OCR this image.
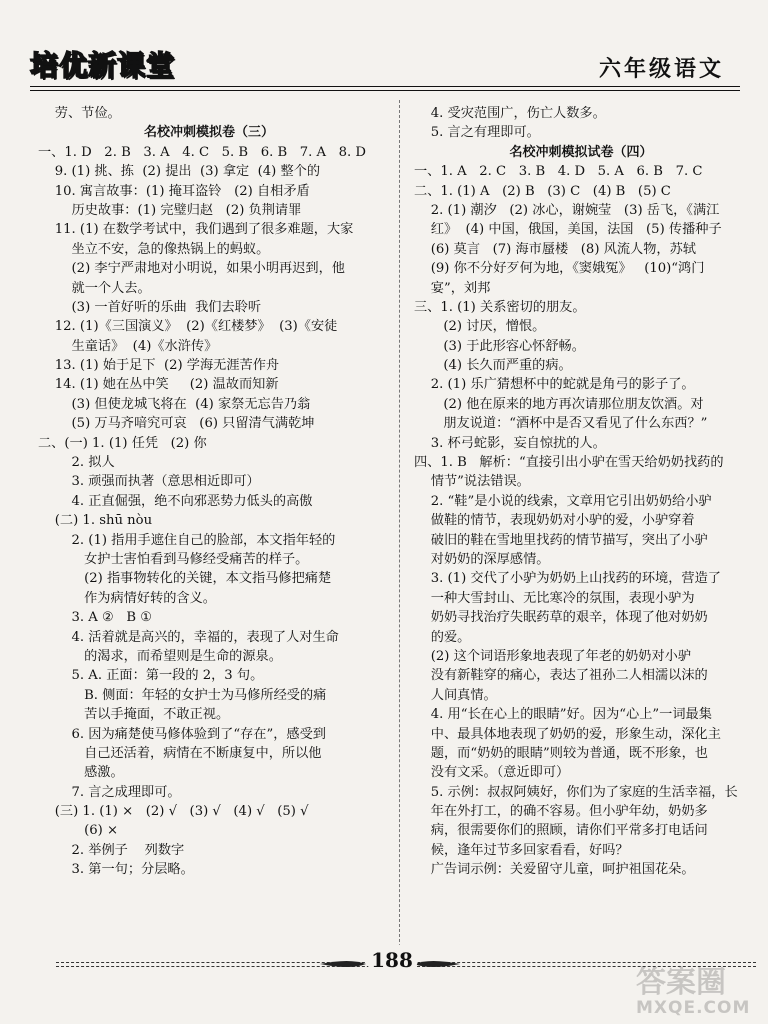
培优新课堂	六年级语文
劳、节俭。
名校冲刺模拟卷（三）
一、1. D   2. B   3. A   4. C   5. B   6. B   7. A   8. D
9. (1) 挑、拣  (2) 提出  (3) 拿定  (4) 整个的
10. 寓言故事：(1) 掩耳盗铃   (2) 自相矛盾
历史故事：(1) 完璧归赵   (2) 负荆请罪
11. (1) 在数学考试中，我们遇到了很多难题，大家
坐立不安，急的像热锅上的蚂蚁。
(2) 李宁严肃地对小明说，如果小明再迟到，他
就一个人去。
(3) 一首好听的乐曲  我们去聆听
12. (1)《三国演义》  (2)《红楼梦》  (3)《安徒
生童话》  (4)《水浒传》
13. (1) 始于足下  (2) 学海无涯苦作舟
14. (1) 她在丛中笑     (2) 温故而知新
(3) 但使龙城飞将在  (4) 家祭无忘告乃翁
(5) 万马齐喑究可哀   (6) 只留清气满乾坤
二、(一) 1. (1) 任凭   (2) 你
2. 拟人
3. 顽强而执著（意思相近即可）
4. 正直倔强，绝不向邪恶势力低头的高傲
(二) 1. shū nòu
2. (1) 指用手遮住自己的脸部，本文指年轻的
女护士害怕看到马修经受痛苦的样子。
(2) 指事物转化的关键，本文指马修把痛楚
作为病情好转的含义。
3. A ②   B ①
4. 活着就是高兴的，幸福的，表现了人对生命
的渴求，而希望则是生命的源泉。
5. A. 正面：第一段的 2，3 句。
B. 侧面：年轻的女护士为马修所经受的痛
苦以手掩面，不敢正视。
6. 因为痛楚使马修体验到了“存在”，感受到
自己还活着，病情在不断康复中，所以他
感激。
7. 言之成理即可。
(三) 1. (1) ×   (2) √   (3) √   (4) √   (5) √
(6) ×
2. 举例子    列数字
3. 第一句；分层略。
4. 受灾范围广，伤亡人数多。
5. 言之有理即可。
名校冲刺模拟试卷（四）
一、1. A   2. C   3. B   4. D   5. A   6. B   7. C
二、1. (1) A   (2) B   (3) C   (4) B   (5) C
2. (1) 潮汐   (2) 冰心，谢婉莹   (3) 岳飞，《满江
红》  (4) 中国，俄国，美国，法国   (5) 传播种子
(6) 莫言   (7) 海市蜃楼   (8) 风流人物，苏轼
(9) 你不分好歹何为地，《窦娥冤》   (10)“鸿门
宴”，刘邦
三、1. (1) 关系密切的朋友。
(2) 讨厌，憎恨。
(3) 于此形容心怀舒畅。
(4) 长久而严重的病。
2. (1) 乐广猜想杯中的蛇就是角弓的影子了。
(2) 他在原来的地方再次请那位朋友饮酒。对
朋友说道：“酒杯中是否又看见了什么东西？”
3. 杯弓蛇影，妄自惊扰的人。
四、1. B   解析：“直接引出小驴在雪天给奶奶找药的
情节”说法错误。
2. “鞋”是小说的线索，文章用它引出奶奶给小驴
做鞋的情节，表现奶奶对小驴的爱，小驴穿着
破旧的鞋在雪地里找药的情节描写，突出了小驴
对奶奶的深厚感情。
3. (1) 交代了小驴为奶奶上山找药的环境，营造了
一种大雪封山、无比寒冷的氛围，表现小驴为
奶奶寻找治疗失眠药草的艰辛，体现了他对奶奶
的爱。
(2) 这个词语形象地表现了年老的奶奶对小驴
没有新鞋穿的痛心，表达了祖孙二人相濡以沫的
人间真情。
4. 用“长在心上的眼睛”好。因为“心上”一词最集
中、最具体地表现了奶奶的爱，形象生动，深化主
题，而“奶奶的眼睛”则较为普通，既不形象，也
没有文采。（意近即可）
5. 示例：叔叔阿姨好，你们为了家庭的生活幸福，长
年在外打工，的确不容易。但小驴年幼，奶奶多
病，很需要你们的照顾，请你们平常多打电话问
候，逢年过节多回家看看，好吗？
广告词示例：关爱留守儿童，呵护祖国花朵。
188
答案圈
MXQE.COM
